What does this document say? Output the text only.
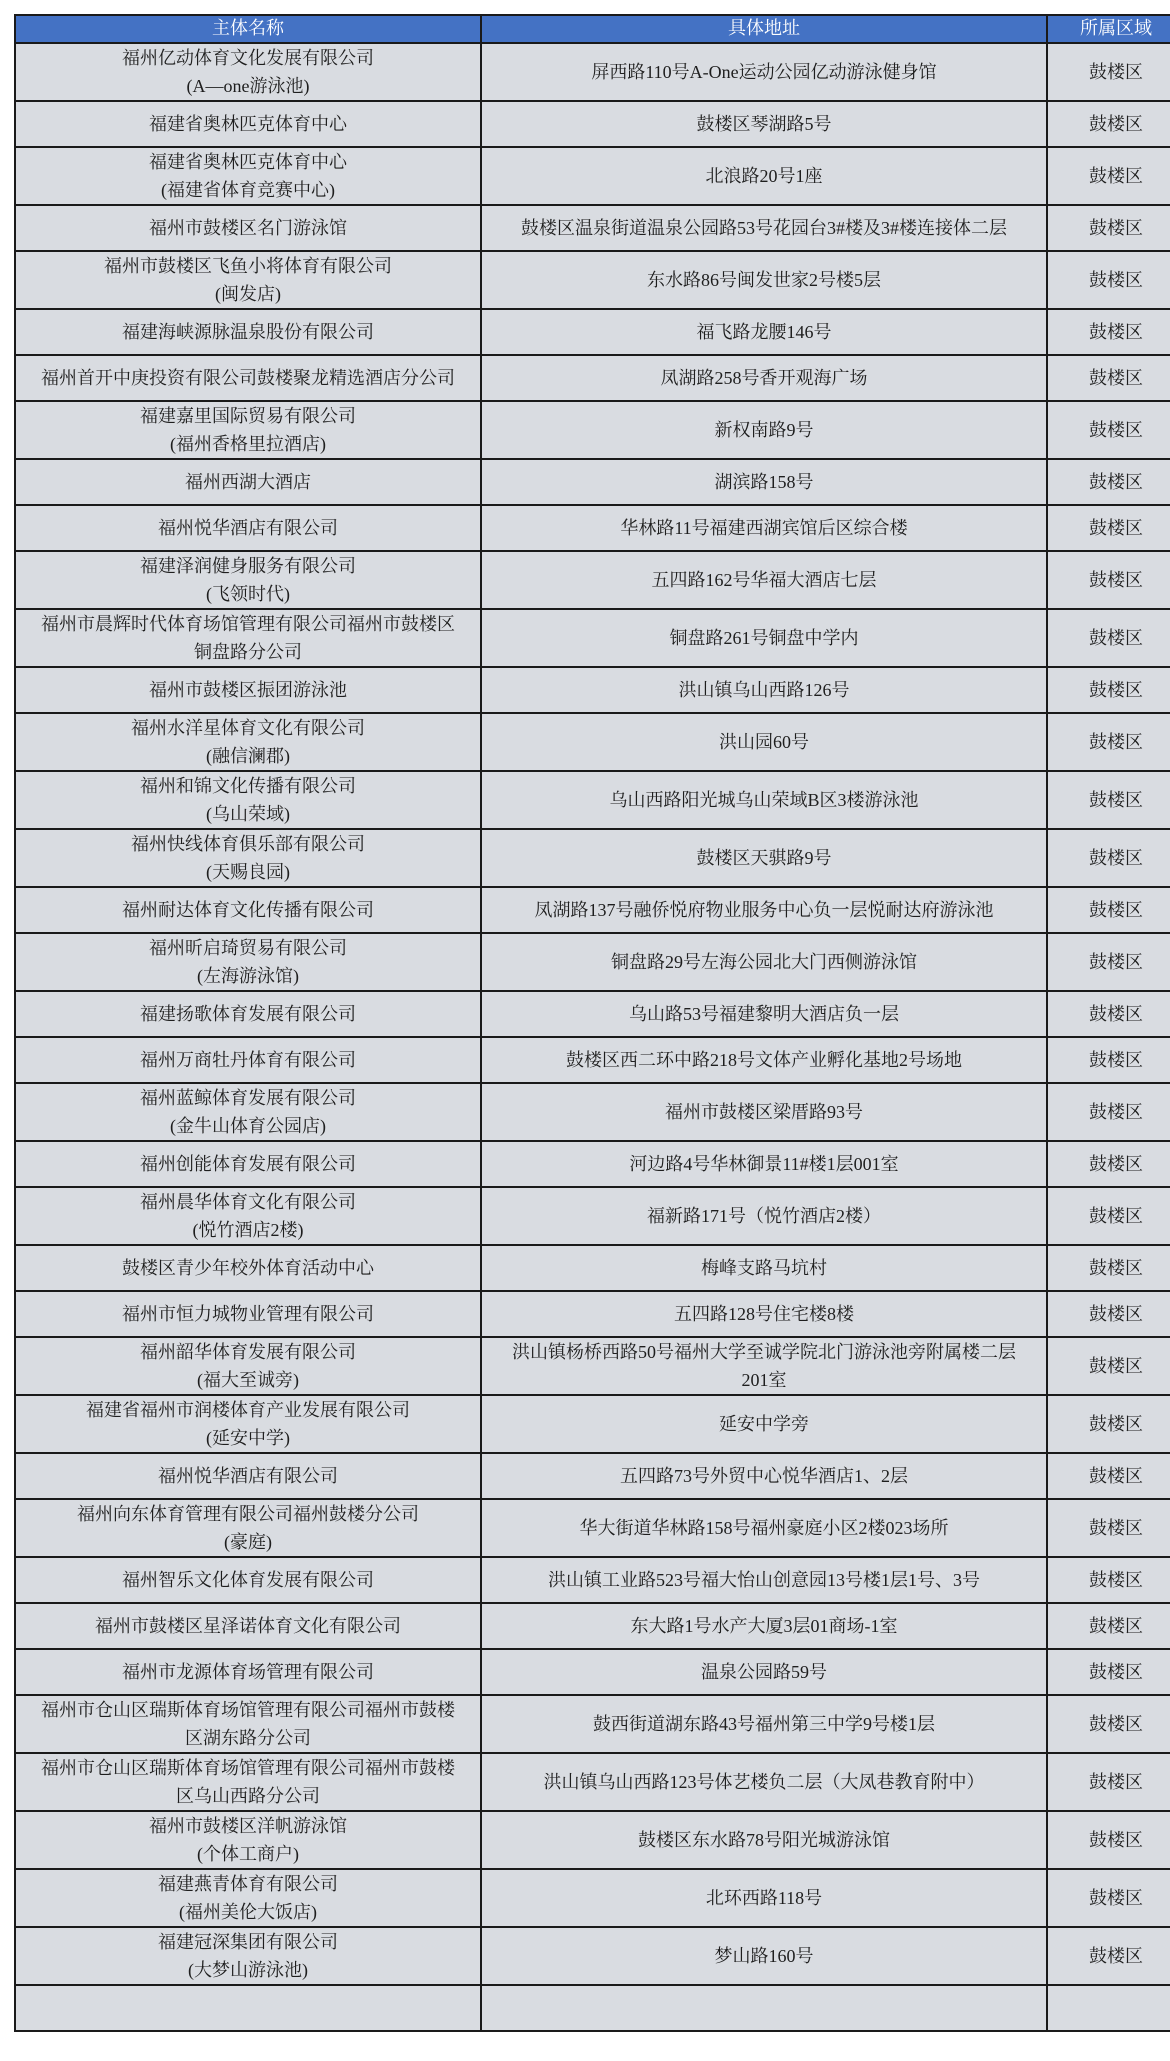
主体名称	具体地址	所属区域

福州亿动体育文化发展有限公司
(A—one游泳池)	屏西路110号A-One运动公园亿动游泳健身馆	鼓楼区

福建省奥林匹克体育中心	鼓楼区琴湖路5号	鼓楼区

福建省奥林匹克体育中心
(福建省体育竞赛中心)	北浪路20号1座	鼓楼区

福州市鼓楼区名门游泳馆	鼓楼区温泉街道温泉公园路53号花园台3#楼及3#楼连接体二层	鼓楼区

福州市鼓楼区飞鱼小将体育有限公司
(闽发店)	东水路86号闽发世家2号楼5层	鼓楼区

福建海峡源脉温泉股份有限公司	福飞路龙腰146号	鼓楼区

福州首开中庚投资有限公司鼓楼聚龙精选酒店分公司	凤湖路258号香开观海广场	鼓楼区

福建嘉里国际贸易有限公司
(福州香格里拉酒店)	新权南路9号	鼓楼区

福州西湖大酒店	湖滨路158号	鼓楼区

福州悦华酒店有限公司	华林路11号福建西湖宾馆后区综合楼	鼓楼区

福建泽润健身服务有限公司
(飞领时代)	五四路162号华福大酒店七层	鼓楼区

福州市晨辉时代体育场馆管理有限公司福州市鼓楼区
铜盘路分公司	铜盘路261号铜盘中学内	鼓楼区

福州市鼓楼区振团游泳池	洪山镇乌山西路126号	鼓楼区

福州水洋星体育文化有限公司
(融信澜郡)	洪山园60号	鼓楼区

福州和锦文化传播有限公司
(乌山荣域)	乌山西路阳光城乌山荣域B区3楼游泳池	鼓楼区

福州快线体育俱乐部有限公司
(天赐良园)	鼓楼区天骐路9号	鼓楼区

福州耐达体育文化传播有限公司	凤湖路137号融侨悦府物业服务中心负一层悦耐达府游泳池	鼓楼区

福州昕启琦贸易有限公司
(左海游泳馆)	铜盘路29号左海公园北大门西侧游泳馆	鼓楼区

福建扬歌体育发展有限公司	乌山路53号福建黎明大酒店负一层	鼓楼区

福州万商牡丹体育有限公司	鼓楼区西二环中路218号文体产业孵化基地2号场地	鼓楼区

福州蓝鲸体育发展有限公司
(金牛山体育公园店)	福州市鼓楼区梁厝路93号	鼓楼区

福州创能体育发展有限公司	河边路4号华林御景11#楼1层001室	鼓楼区

福州晨华体育文化有限公司
(悦竹酒店2楼)	福新路171号（悦竹酒店2楼）	鼓楼区

鼓楼区青少年校外体育活动中心	梅峰支路马坑村	鼓楼区

福州市恒力城物业管理有限公司	五四路128号住宅楼8楼	鼓楼区

福州韶华体育发展有限公司
(福大至诚旁)	洪山镇杨桥西路50号福州大学至诚学院北门游泳池旁附属楼二层
201室	鼓楼区

福建省福州市润楼体育产业发展有限公司
(延安中学)	延安中学旁	鼓楼区

福州悦华酒店有限公司	五四路73号外贸中心悦华酒店1、2层	鼓楼区

福州向东体育管理有限公司福州鼓楼分公司
(豪庭)	华大街道华林路158号福州豪庭小区2楼023场所	鼓楼区

福州智乐文化体育发展有限公司	洪山镇工业路523号福大怡山创意园13号楼1层1号、3号	鼓楼区

福州市鼓楼区星泽诺体育文化有限公司	东大路1号水产大厦3层01商场-1室	鼓楼区

福州市龙源体育场管理有限公司	温泉公园路59号	鼓楼区

福州市仓山区瑞斯体育场馆管理有限公司福州市鼓楼
区湖东路分公司	鼓西街道湖东路43号福州第三中学9号楼1层	鼓楼区

福州市仓山区瑞斯体育场馆管理有限公司福州市鼓楼
区乌山西路分公司	洪山镇乌山西路123号体艺楼负二层（大凤巷教育附中）	鼓楼区

福州市鼓楼区洋帆游泳馆
(个体工商户)	鼓楼区东水路78号阳光城游泳馆	鼓楼区

福建燕青体育有限公司
(福州美伦大饭店)	北环西路118号	鼓楼区

福建冠深集团有限公司
(大梦山游泳池)	梦山路160号	鼓楼区
